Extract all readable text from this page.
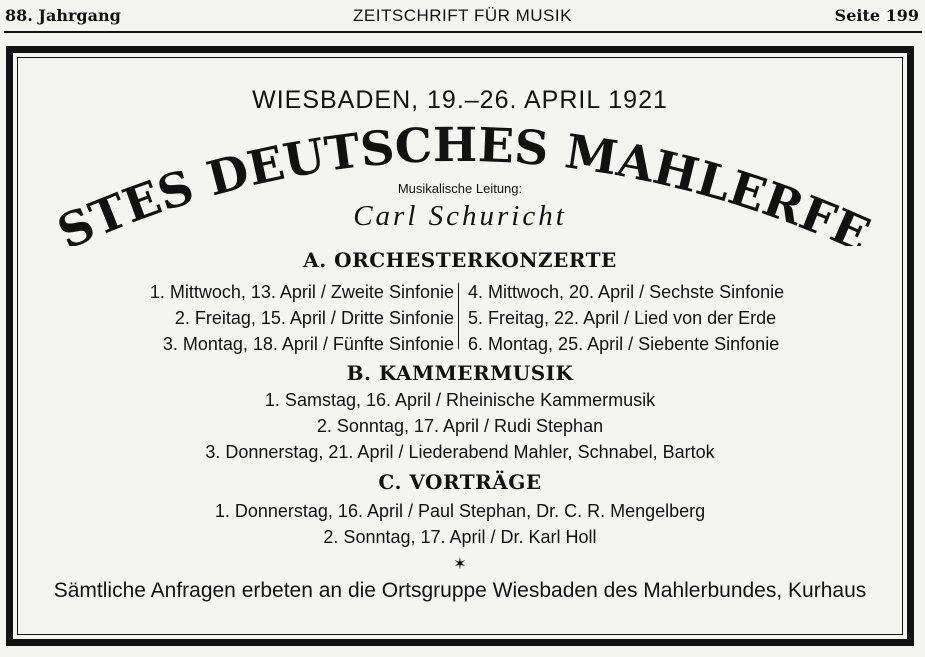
88. Jahrgang	ZEITSCHRIFT FÜR MUSIK	Seite 199
WIESBADEN, 19.–26. APRIL 1921
STES DEUTSCHES MAHLERFE
Musikalische Leitung:
Carl Schuricht
A. ORCHESTERKONZERTE
1. Mittwoch, 13. April / Zweite Sinfonie
2. Freitag, 15. April / Dritte Sinfonie
3. Montag, 18. April / Fünfte Sinfonie
4. Mittwoch, 20. April / Sechste Sinfonie
5. Freitag, 22. April / Lied von der Erde
6. Montag, 25. April / Siebente Sinfonie
B. KAMMERMUSIK
1. Samstag, 16. April / Rheinische Kammermusik
2. Sonntag, 17. April / Rudi Stephan
3. Donnerstag, 21. April / Liederabend Mahler, Schnabel, Bartok
C. VORTRÄGE
1. Donnerstag, 16. April / Paul Stephan, Dr. C. R. Mengelberg
2. Sonntag, 17. April / Dr. Karl Holl
✶
Sämtliche Anfragen erbeten an die Ortsgruppe Wiesbaden des Mahlerbundes, Kurhaus
